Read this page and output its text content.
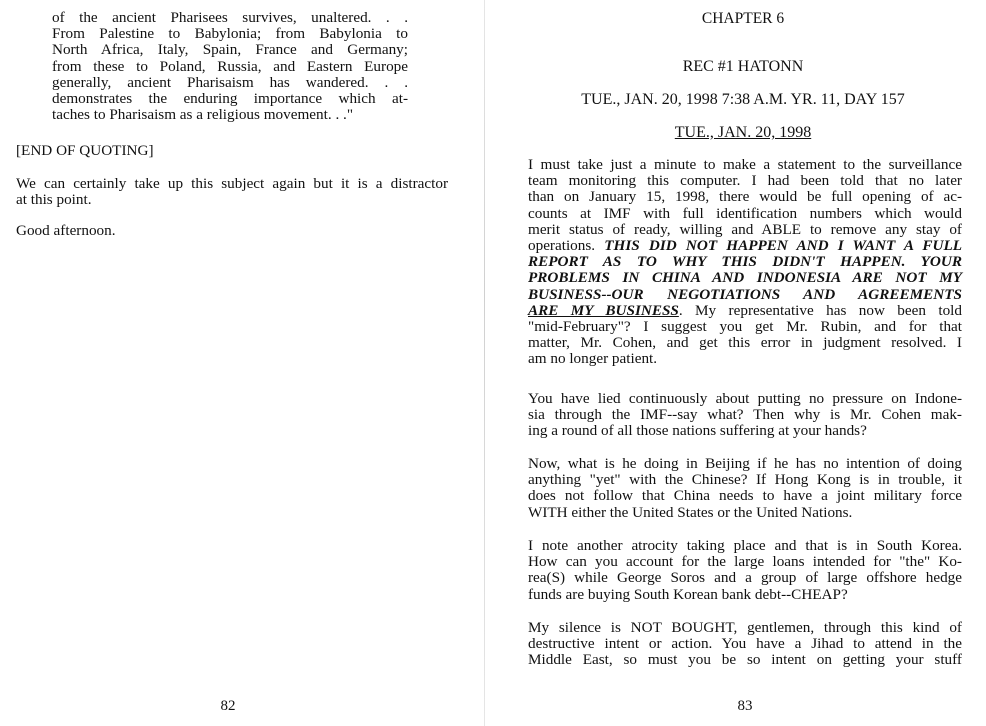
of the ancient Pharisees survives, unaltered. . .
From Palestine to Babylonia; from Babylonia to
North Africa, Italy, Spain, France and Germany;
from these to Poland, Russia, and Eastern Europe
generally, ancient Pharisaism has wandered. . .
demonstrates the enduring importance which at-
taches to Pharisaism as a religious movement. . ."
[END OF QUOTING]
We can certainly take up this subject again but it is a distractor
at this point.
Good afternoon.
82
CHAPTER 6
REC #1 HATONN
TUE., JAN. 20, 1998 7:38 A.M. YR. 11, DAY 157
TUE., JAN. 20, 1998
I must take just a minute to make a statement to the surveillance
team monitoring this computer. I had been told that no later
than on January 15, 1998, there would be full opening of ac-
counts at IMF with full identification numbers which would
merit status of ready, willing and ABLE to remove any stay of
operations. THIS DID NOT HAPPEN AND I WANT A FULL
REPORT AS TO WHY THIS DIDN'T HAPPEN. YOUR
PROBLEMS IN CHINA AND INDONESIA ARE NOT MY
BUSINESS--OUR NEGOTIATIONS AND AGREEMENTS
ARE MY BUSINESS. My representative has now been told
"mid-February"? I suggest you get Mr. Rubin, and for that
matter, Mr. Cohen, and get this error in judgment resolved. I
am no longer patient.
You have lied continuously about putting no pressure on Indone-
sia through the IMF--say what? Then why is Mr. Cohen mak-
ing a round of all those nations suffering at your hands?
Now, what is he doing in Beijing if he has no intention of doing
anything "yet" with the Chinese? If Hong Kong is in trouble, it
does not follow that China needs to have a joint military force
WITH either the United States or the United Nations.
I note another atrocity taking place and that is in South Korea.
How can you account for the large loans intended for "the" Ko-
rea(S) while George Soros and a group of large offshore hedge
funds are buying South Korean bank debt--CHEAP?
My silence is NOT BOUGHT, gentlemen, through this kind of
destructive intent or action. You have a Jihad to attend in the
Middle East, so must you be so intent on getting your stuff
83
